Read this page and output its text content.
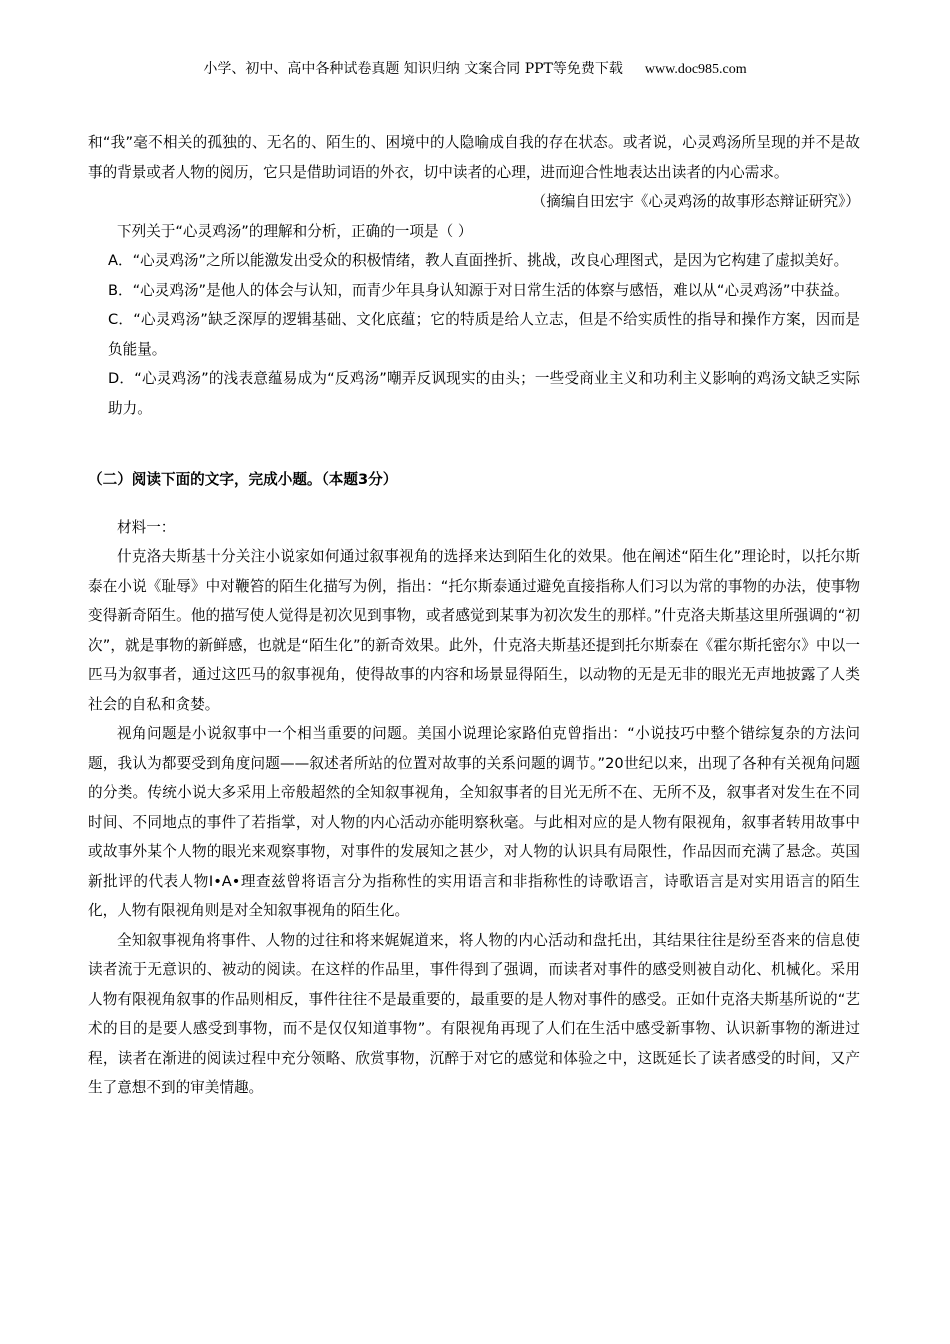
小学、初中、高中各种试卷真题 知识归纳 文案合同 PPT等免费下载 www.doc985.com

和“我”毫不相关的孤独的、无名的、陌生的、困境中的人隐喻成自我的存在状态。或者说，心灵鸡汤所呈现的并不是故事的背景或者人物的阅历，它只是借助词语的外衣，切中读者的心理，进而迎合性地表达出读者的内心需求。

（摘编自田宏宇《心灵鸡汤的故事形态辩证研究》）

下列关于“心灵鸡汤”的理解和分析，正确的一项是（ ）

A．“心灵鸡汤”之所以能激发出受众的积极情绪，教人直面挫折、挑战，改良心理图式，是因为它构建了虚拟美好。

B．“心灵鸡汤”是他人的体会与认知，而青少年具身认知源于对日常生活的体察与感悟，难以从“心灵鸡汤”中获益。

C．“心灵鸡汤”缺乏深厚的逻辑基础、文化底蕴；它的特质是给人立志，但是不给实质性的指导和操作方案，因而是负能量。

D．“心灵鸡汤”的浅表意蕴易成为“反鸡汤”嘲弄反讽现实的由头；一些受商业主义和功利主义影响的鸡汤文缺乏实际助力。

（二）阅读下面的文字，完成小题。（本题3分）

材料一：

什克洛夫斯基十分关注小说家如何通过叙事视角的选择来达到陌生化的效果。他在阐述“陌生化”理论时，以托尔斯泰在小说《耻辱》中对鞭笞的陌生化描写为例，指出：“托尔斯泰通过避免直接指称人们习以为常的事物的办法，使事物变得新奇陌生。他的描写使人觉得是初次见到事物，或者感觉到某事为初次发生的那样。”什克洛夫斯基这里所强调的“初次”，就是事物的新鲜感，也就是“陌生化”的新奇效果。此外，什克洛夫斯基还提到托尔斯泰在《霍尔斯托密尔》中以一匹马为叙事者，通过这匹马的叙事视角，使得故事的内容和场景显得陌生，以动物的无是无非的眼光无声地披露了人类社会的自私和贪婪。

视角问题是小说叙事中一个相当重要的问题。美国小说理论家路伯克曾指出：“小说技巧中整个错综复杂的方法问题，我认为都要受到角度问题——叙述者所站的位置对故事的关系问题的调节。”20世纪以来，出现了各种有关视角问题的分类。传统小说大多采用上帝般超然的全知叙事视角，全知叙事者的目光无所不在、无所不及，叙事者对发生在不同时间、不同地点的事件了若指掌，对人物的内心活动亦能明察秋毫。与此相对应的是人物有限视角，叙事者转用故事中或故事外某个人物的眼光来观察事物，对事件的发展知之甚少，对人物的认识具有局限性，作品因而充满了悬念。英国新批评的代表人物I•A•理查兹曾将语言分为指称性的实用语言和非指称性的诗歌语言，诗歌语言是对实用语言的陌生化，人物有限视角则是对全知叙事视角的陌生化。

全知叙事视角将事件、人物的过往和将来娓娓道来，将人物的内心活动和盘托出，其结果往往是纷至沓来的信息使读者流于无意识的、被动的阅读。在这样的作品里，事件得到了强调，而读者对事件的感受则被自动化、机械化。采用人物有限视角叙事的作品则相反，事件往往不是最重要的，最重要的是人物对事件的感受。正如什克洛夫斯基所说的“艺术的目的是要人感受到事物，而不是仅仅知道事物”。有限视角再现了人们在生活中感受新事物、认识新事物的渐进过程，读者在渐进的阅读过程中充分领略、欣赏事物，沉醉于对它的感觉和体验之中，这既延长了读者感受的时间，又产生了意想不到的审美情趣。
